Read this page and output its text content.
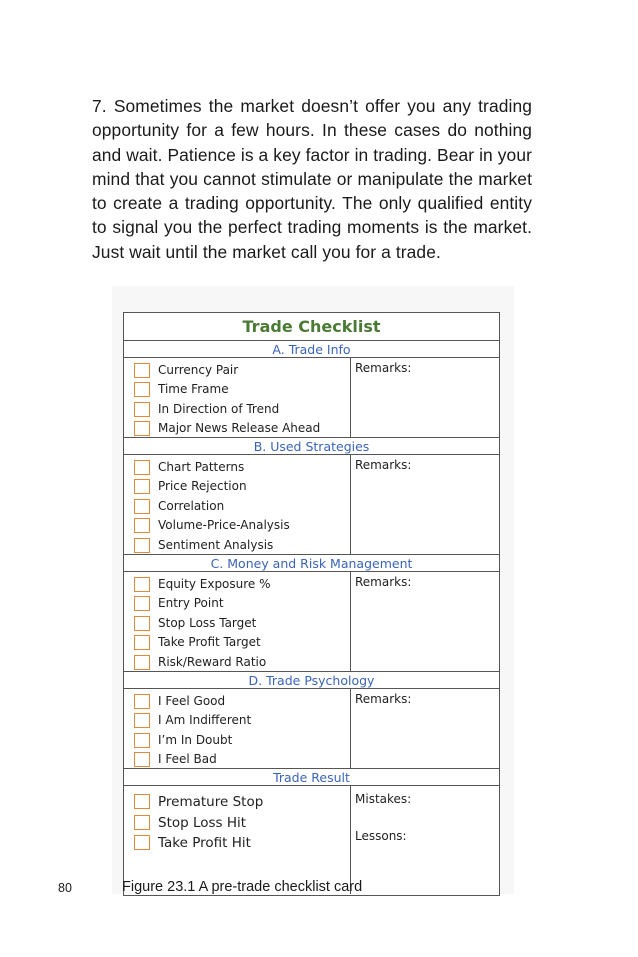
7. Sometimes the market doesn’t offer you any trading opportunity for a few hours. In these cases do nothing and wait. Patience is a key factor in trading. Bear in your mind that you cannot stimulate or manipulate the market to create a trading opportunity. The only qualified entity to signal you the perfect trading moments is the market. Just wait until the market call you for a trade.

Trade Checklist
A. Trade Info
Currency Pair
Time Frame
In Direction of Trend
Major News Release Ahead
Remarks:
B. Used Strategies
Chart Patterns
Price Rejection
Correlation
Volume-Price-Analysis
Sentiment Analysis
Remarks:
C. Money and Risk Management
Equity Exposure %
Entry Point
Stop Loss Target
Take Profit Target
Risk/Reward Ratio
Remarks:
D. Trade Psychology
I Feel Good
I Am Indifferent
I’m In Doubt
I Feel Bad
Remarks:
Trade Result
Premature Stop
Stop Loss Hit
Take Profit Hit
Mistakes:
Lessons:
80	Figure 23.1 A pre-trade checklist card
